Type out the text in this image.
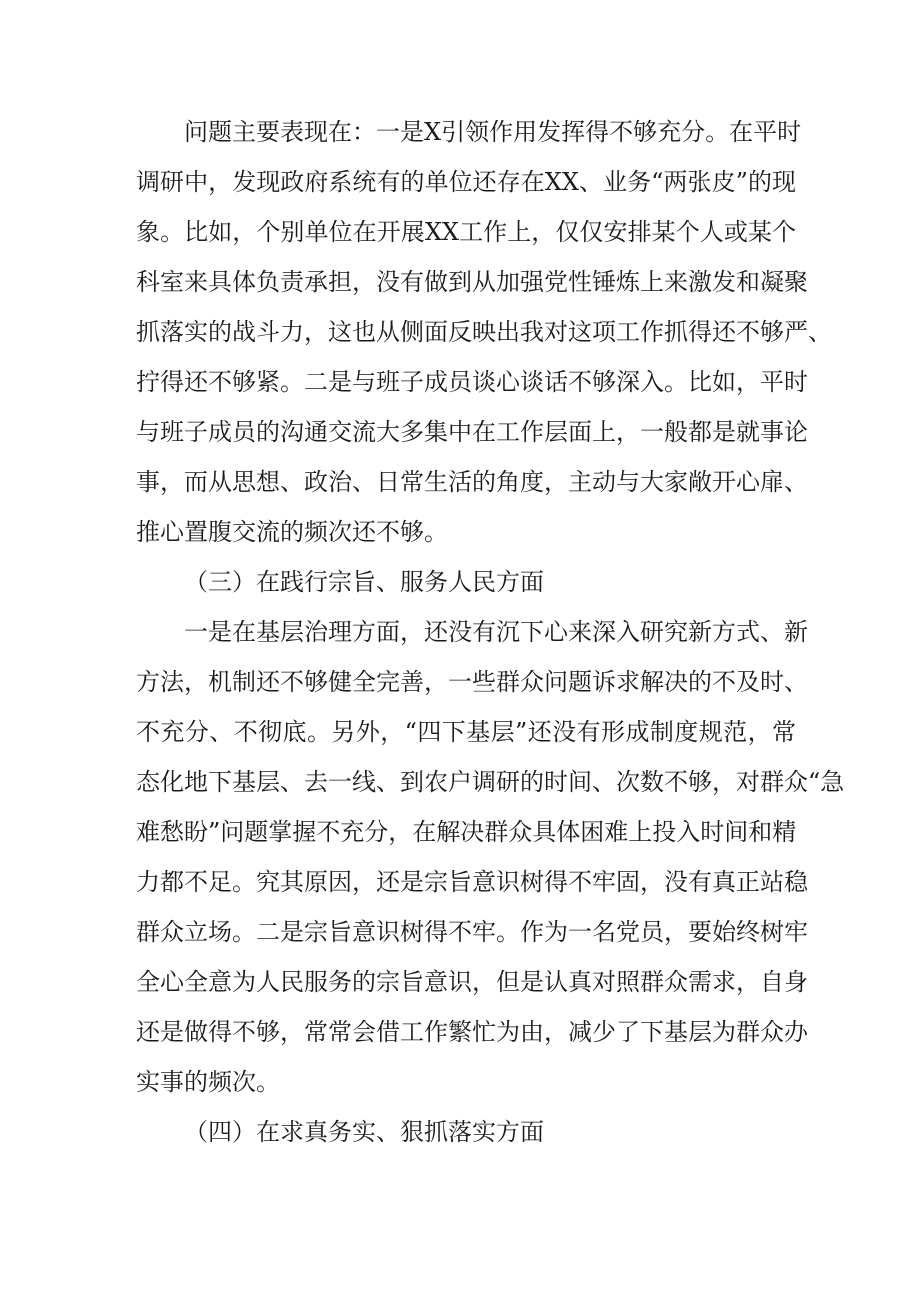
问题主要表现在：一是X引领作用发挥得不够充分。在平时
调研中，发现政府系统有的单位还存在XX、业务“两张皮”的现
象。比如，个别单位在开展XX工作上，仅仅安排某个人或某个
科室来具体负责承担，没有做到从加强党性锤炼上来激发和凝聚
抓落实的战斗力，这也从侧面反映出我对这项工作抓得还不够严、
拧得还不够紧。二是与班子成员谈心谈话不够深入。比如，平时
与班子成员的沟通交流大多集中在工作层面上，一般都是就事论
事，而从思想、政治、日常生活的角度，主动与大家敞开心扉、
推心置腹交流的频次还不够。
（三）在践行宗旨、服务人民方面
一是在基层治理方面，还没有沉下心来深入研究新方式、新
方法，机制还不够健全完善，一些群众问题诉求解决的不及时、
不充分、不彻底。另外，“四下基层”还没有形成制度规范，常
态化地下基层、去一线、到农户调研的时间、次数不够，对群众“急
难愁盼”问题掌握不充分，在解决群众具体困难上投入时间和精
力都不足。究其原因，还是宗旨意识树得不牢固，没有真正站稳
群众立场。二是宗旨意识树得不牢。作为一名党员，要始终树牢
全心全意为人民服务的宗旨意识，但是认真对照群众需求，自身
还是做得不够，常常会借工作繁忙为由，减少了下基层为群众办
实事的频次。
（四）在求真务实、狠抓落实方面
